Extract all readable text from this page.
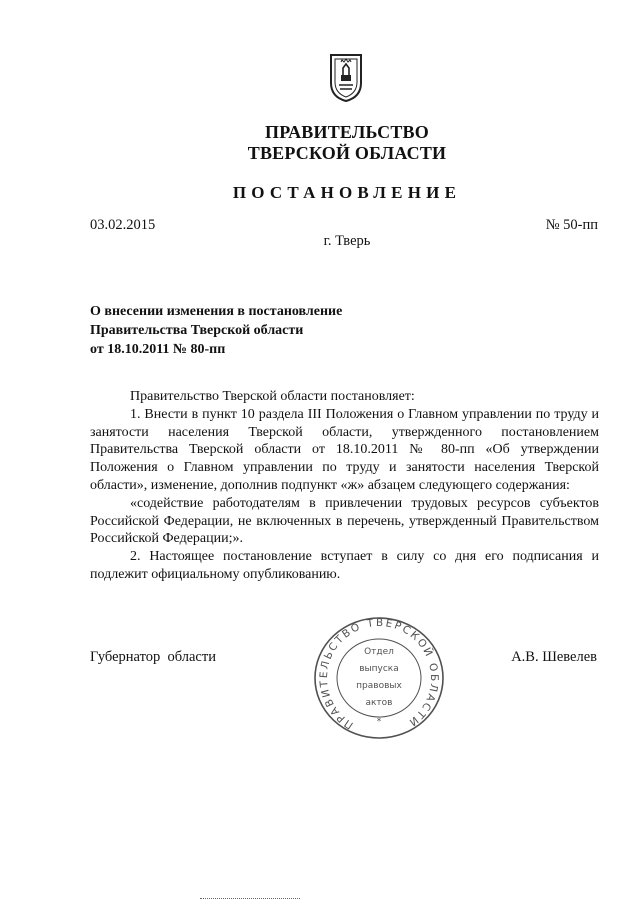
ПРАВИТЕЛЬСТВО
ТВЕРСКОЙ ОБЛАСТИ
ПОСТАНОВЛЕНИЕ
03.02.2015	№ 50-пп
г. Тверь
О внесении изменения в постановление
Правительства Тверской области
от 18.10.2011 № 80-пп

Правительство Тверской области постановляет:

1. Внести в пункт 10 раздела III Положения о Главном управлении по труду и занятости населения Тверской области, утвержденного постановлением Правительства Тверской области от 18.10.2011 № 80-пп «Об утверждении Положения о Главном управлении по труду и занятости населения Тверской области», изменение, дополнив подпункт «ж» абзацем следующего содержания:

«содействие работодателям в привлечении трудовых ресурсов субъектов Российской Федерации, не включенных в перечень, утвержденный Правительством Российской Федерации;».

2. Настоящее постановление вступает в силу со дня его подписания и подлежит официальному опубликованию.

Губернатор  области	А.В. Шевелев
ПРАВИТЕЛЬСТВО ТВЕРСКОЙ ОБЛАСТИ
Отдел
выпуска
правовых
актов
*
